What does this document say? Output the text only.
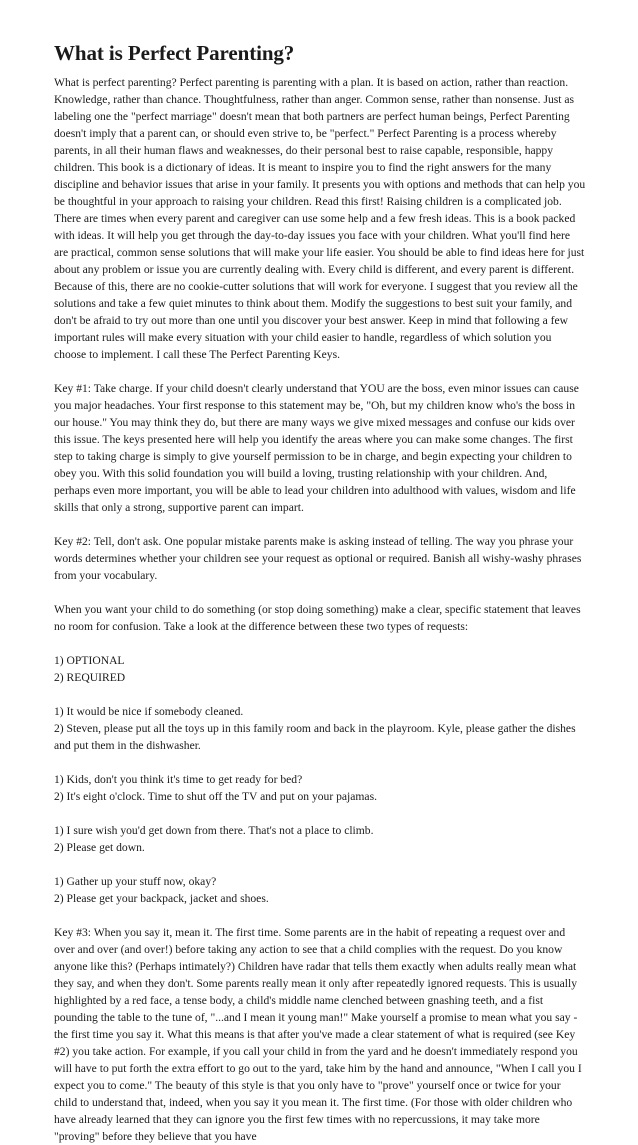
What is Perfect Parenting?

What is perfect parenting? Perfect parenting is parenting with a plan. It is based on action, rather than reaction. Knowledge, rather than chance. Thoughtfulness, rather than anger. Common sense, rather than nonsense. Just as labeling one the "perfect marriage" doesn't mean that both partners are perfect human beings, Perfect Parenting doesn't imply that a parent can, or should even strive to, be "perfect." Perfect Parenting is a process whereby parents, in all their human flaws and weaknesses, do their personal best to raise capable, responsible, happy children. This book is a dictionary of ideas. It is meant to inspire you to find the right answers for the many discipline and behavior issues that arise in your family. It presents you with options and methods that can help you be thoughtful in your approach to raising your children. Read this first! Raising children is a complicated job. There are times when every parent and caregiver can use some help and a few fresh ideas. This is a book packed with ideas. It will help you get through the day-to-day issues you face with your children. What you'll find here are practical, common sense solutions that will make your life easier. You should be able to find ideas here for just about any problem or issue you are currently dealing with. Every child is different, and every parent is different. Because of this, there are no cookie-cutter solutions that will work for everyone. I suggest that you review all the solutions and take a few quiet minutes to think about them. Modify the suggestions to best suit your family, and don't be afraid to try out more than one until you discover your best answer. Keep in mind that following a few important rules will make every situation with your child easier to handle, regardless of which solution you choose to implement. I call these The Perfect Parenting Keys.

Key #1: Take charge. If your child doesn't clearly understand that YOU are the boss, even minor issues can cause you major headaches. Your first response to this statement may be, "Oh, but my children know who's the boss in our house." You may think they do, but there are many ways we give mixed messages and confuse our kids over this issue. The keys presented here will help you identify the areas where you can make some changes. The first step to taking charge is simply to give yourself permission to be in charge, and begin expecting your children to obey you. With this solid foundation you will build a loving, trusting relationship with your children. And, perhaps even more important, you will be able to lead your children into adulthood with values, wisdom and life skills that only a strong, supportive parent can impart.

Key #2: Tell, don't ask. One popular mistake parents make is asking instead of telling. The way you phrase your words determines whether your children see your request as optional or required. Banish all wishy-washy phrases from your vocabulary.

When you want your child to do something (or stop doing something) make a clear, specific statement that leaves no room for confusion. Take a look at the difference between these two types of requests:

1) OPTIONAL

2) REQUIRED

1) It would be nice if somebody cleaned.

2) Steven, please put all the toys up in this family room and back in the playroom. Kyle, please gather the dishes and put them in the dishwasher.

1) Kids, don't you think it's time to get ready for bed?

2) It's eight o'clock. Time to shut off the TV and put on your pajamas.

1) I sure wish you'd get down from there. That's not a place to climb.

2) Please get down.

1) Gather up your stuff now, okay?

2) Please get your backpack, jacket and shoes.

Key #3: When you say it, mean it. The first time. Some parents are in the habit of repeating a request over and over and over (and over!) before taking any action to see that a child complies with the request. Do you know anyone like this? (Perhaps intimately?) Children have radar that tells them exactly when adults really mean what they say, and when they don't. Some parents really mean it only after repeatedly ignored requests. This is usually highlighted by a red face, a tense body, a child's middle name clenched between gnashing teeth, and a fist pounding the table to the tune of, "...and I mean it young man!" Make yourself a promise to mean what you say - the first time you say it. What this means is that after you've made a clear statement of what is required (see Key #2) you take action. For example, if you call your child in from the yard and he doesn't immediately respond you will have to put forth the extra effort to go out to the yard, take him by the hand and announce, "When I call you I expect you to come." The beauty of this style is that you only have to "prove" yourself once or twice for your child to understand that, indeed, when you say it you mean it. The first time. (For those with older children who have already learned that they can ignore you the first few times with no repercussions, it may take more "proving" before they believe that you have
